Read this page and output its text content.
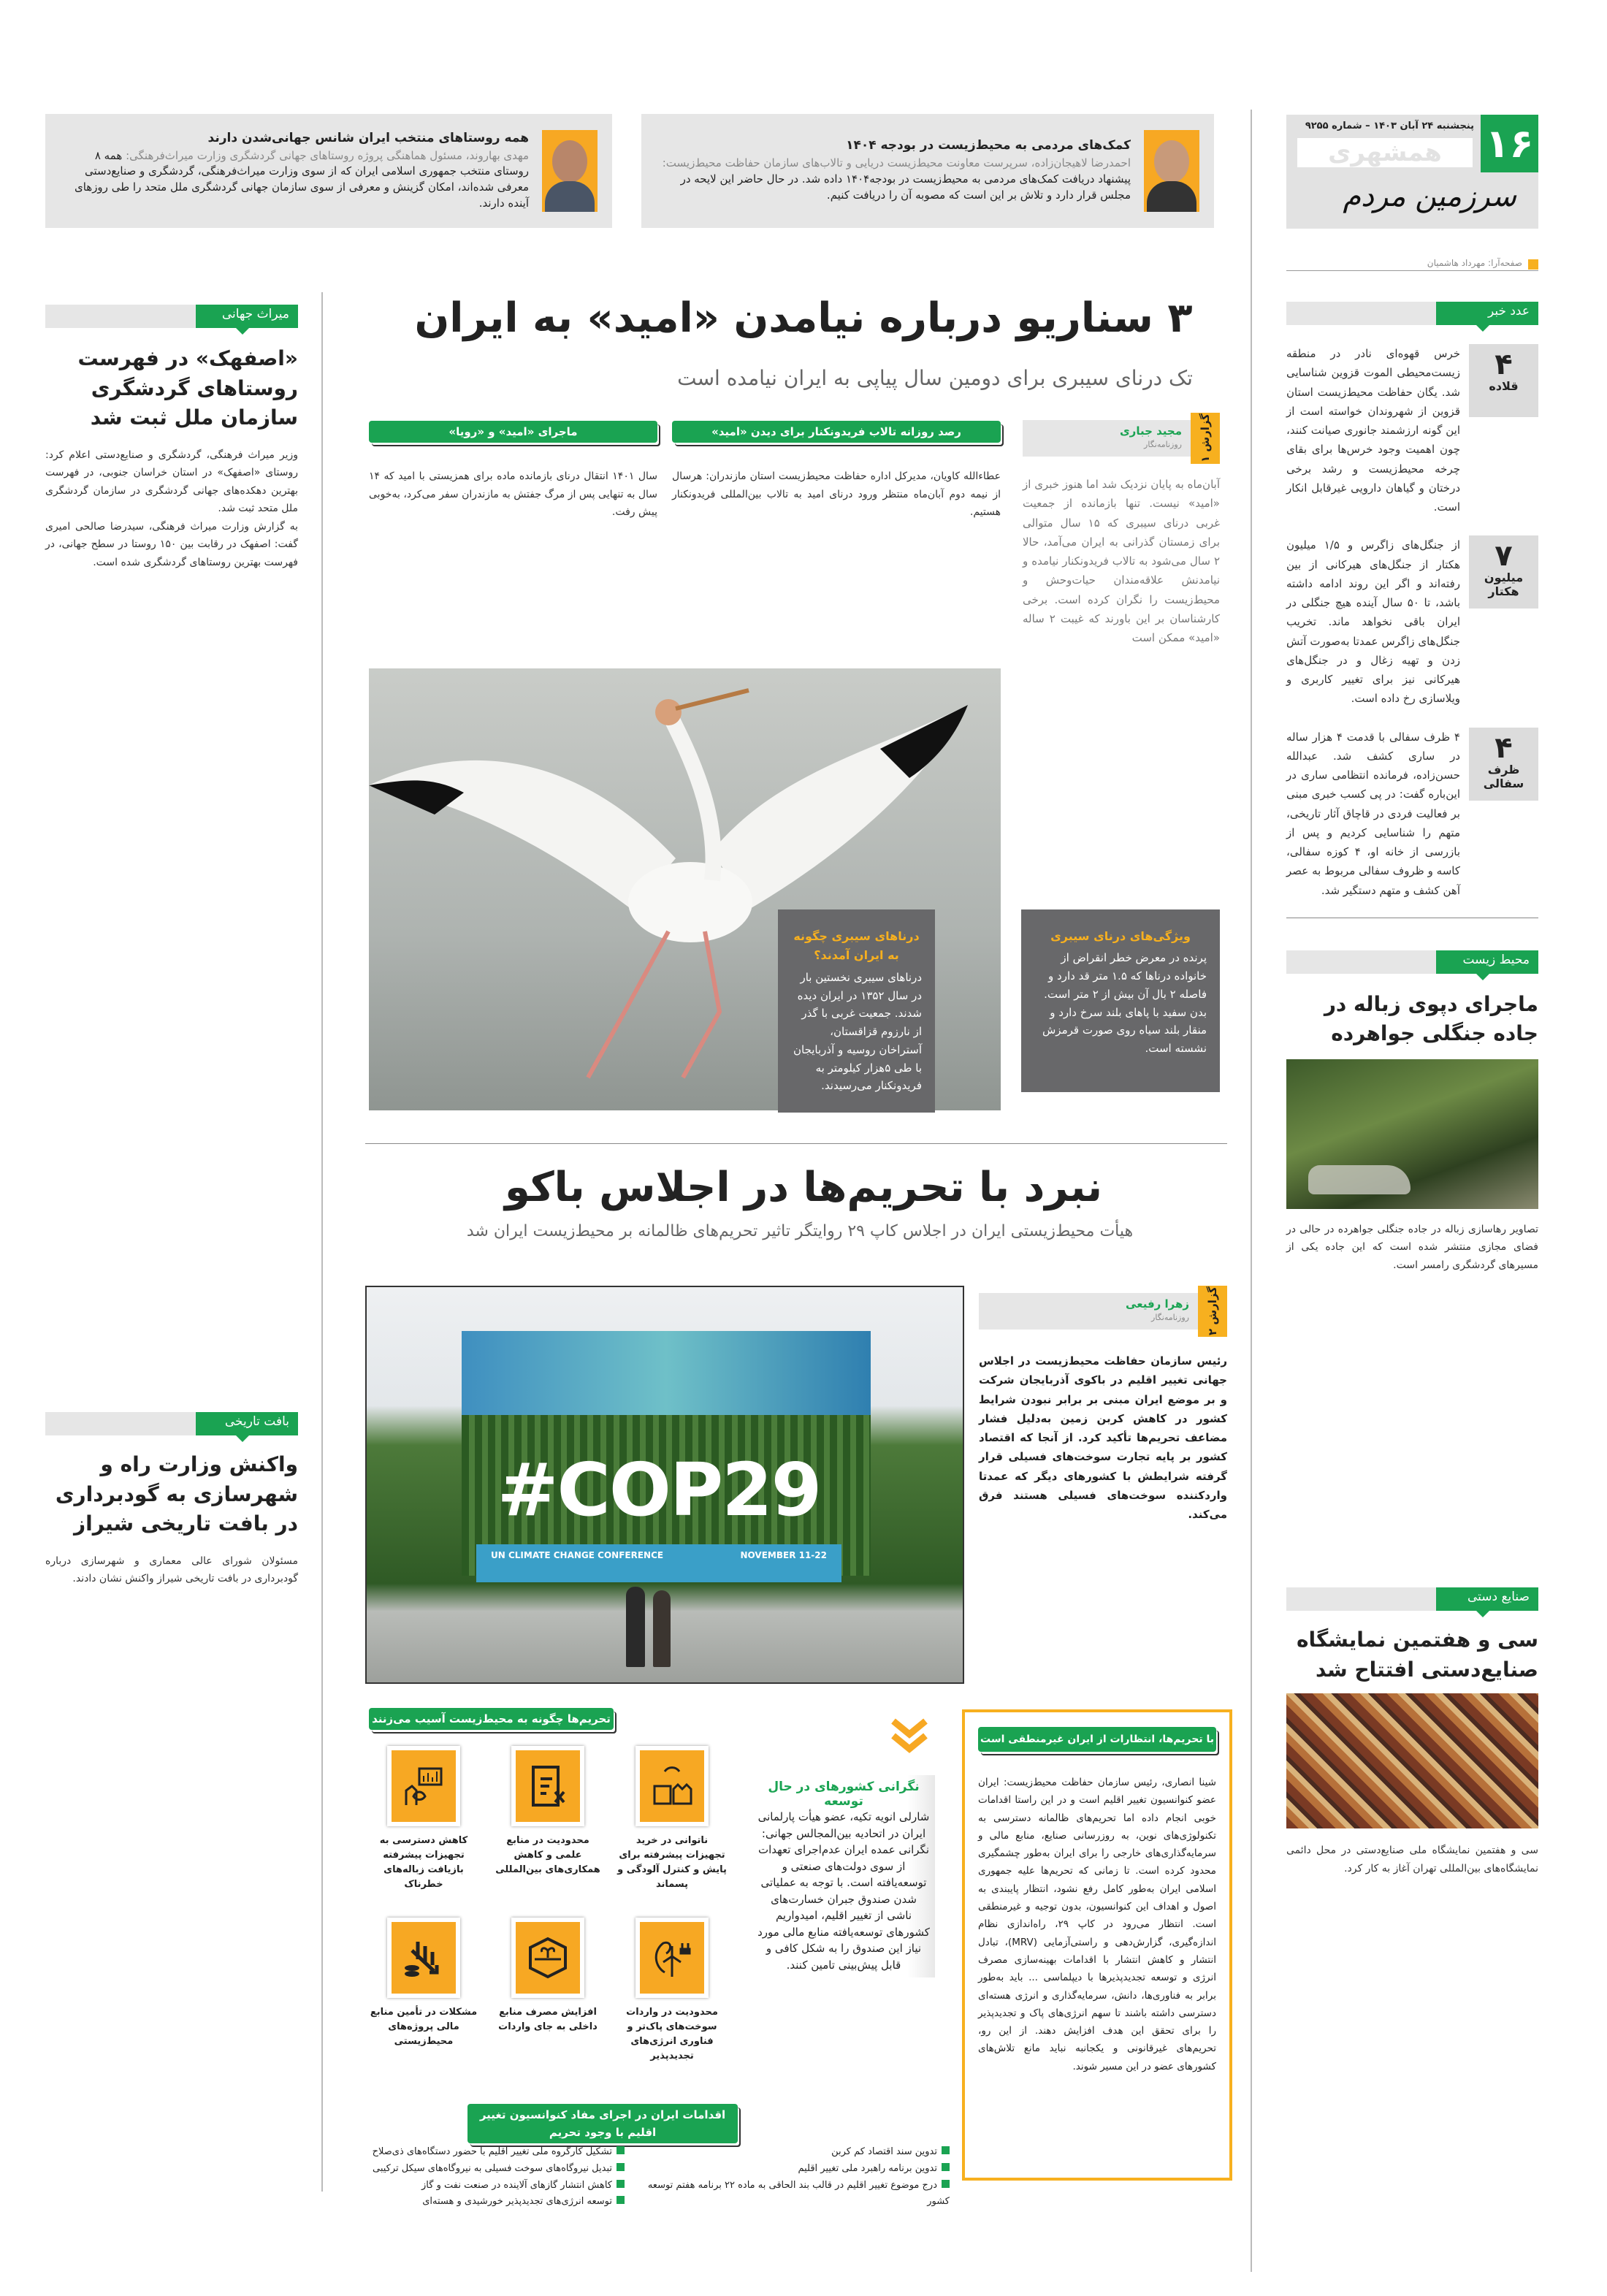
۱۶
پنجشنبه ۲۴ آبان ۱۴۰۳ – شماره ۹۲۵۵
همشهری
سرزمین مردم
صفحه‌آرا: مهرداد هاشمیان
کمک‌های مردمی به محیط‌زیست در بودجه ۱۴۰۴

احمدرضا لاهیجان‌زاده، سرپرست معاونت محیط‌زیست دریایی و تالاب‌های سازمان حفاظت محیط‌زیست: پیشنهاد دریافت کمک‌های مردمی به محیط‌زیست در بودجه۱۴۰۴ داده شد. در حال حاضر این لایحه در مجلس قرار دارد و تلاش بر این است که مصوبه آن را دریافت کنیم.

همه روستاهای منتخب ایران شانس جهانی‌شدن دارند

مهدی بهاروند، مسئول هماهنگی پروژه روستاهای جهانی گردشگری وزارت میراث‌فرهنگی: همه ۸ روستای منتخب جمهوری اسلامی ایران که از سوی وزارت میراث‌فرهنگی، گردشگری و صنایع‌دستی معرفی شده‌اند، امکان گزینش و معرفی از سوی سازمان جهانی گردشگری ملل متحد را طی روزهای آینده دارند.

عدد خبر
۴
قلاده
خرس قهوه‌ای نادر در منطقه زیست‌محیطی الموت قزوین شناسایی شد. یگان حفاظت محیط‌زیست استان قزوین از شهروندان خواسته است از این گونه ارزشمند جانوری صیانت کنند، چون اهمیت وجود خرس‌ها برای بقای چرخه محیط‌زیست و رشد برخی درختان و گیاهان دارویی غیرقابل انکار است.
۷
میلیون هکتار
از جنگل‌های زاگرس و ۱/۵ میلیون هکتار از جنگل‌های هیرکانی از بین رفته‌اند و اگر این روند ادامه داشته باشد، تا ۵۰ سال آینده هیچ جنگلی در ایران باقی نخواهد ماند. تخریب جنگل‌های زاگرس عمدتا به‌صورت آتش زدن و تهیه زغال و در جنگل‌های هیرکانی نیز برای تغییر کاربری و ویلاسازی رخ داده است.
۴
ظرف سفالی
۴ ظرف سفالی با قدمت ۴ هزار ساله در ساری کشف شد. عبدالله حسن‌زاده، فرمانده انتظامی ساری در این‌باره گفت: در پی کسب خبری مبنی بر فعالیت فردی در قاچاق آثار تاریخی، متهم را شناسایی کردیم و پس از بازرسی از خانه او، ۴ کوزه سفالی، کاسه و ظروف سفالی مربوط به عصر آهن کشف و متهم دستگیر شد.
محیط زیست
ماجرای دپوی زباله در جاده جنگلی جواهرده
تصاویر رهاسازی زباله در جاده جنگلی جواهرده در حالی در فضای مجازی منتشر شده است که این جاده یکی از مسیرهای گردشگری رامسر است.
صنایع دستی
سی و هفتمین نمایشگاه صنایع‌دستی افتتاح شد
سی و هفتمین نمایشگاه ملی صنایع‌دستی در محل دائمی نمایشگاه‌های بین‌المللی تهران آغاز به کار کرد.
میراث جهانی
«اصفهک» در فهرست روستاهای گردشگری سازمان ملل ثبت شد
وزیر میراث فرهنگی، گردشگری و صنایع‌دستی اعلام کرد: روستای «اصفهک» در استان خراسان جنوبی، در فهرست بهترین دهکده‌های جهانی گردشگری در سازمان گردشگری ملل متحد ثبت شد.
به گزارش وزارت میراث فرهنگی، سیدرضا صالحی امیری گفت: اصفهک در رقابت بین ۱۵۰ روستا در سطح جهانی، در فهرست بهترین روستاهای گردشگری شده است.
بافت تاریخی
واکنش وزارت راه و شهرسازی به گودبرداری در بافت تاریخی شیراز
مسئولان شورای عالی معماری و شهرسازی درباره گودبرداری در بافت تاریخی شیراز واکنش نشان دادند.
۳ سناریو درباره نیامدن «امید» به ایران
تک درنای سیبری برای دومین سال پیاپی به ایران نیامده است
گزارش ۱
مجید جباری
روزنامه‌نگار
آبان‌ماه به پایان نزدیک شد اما هنوز خبری از «امید» نیست. تنها بازمانده از جمعیت غربی درنای سیبری که ۱۵ سال متوالی برای زمستان گذرانی به ایران می‌آمد، حالا ۲ سال می‌شود به تالاب فریدونکنار نیامده و نیامدنش علاقه‌مندان حیات‌وحش و محیط‌زیست را نگران کرده است. برخی کارشناسان بر این باورند که غیبت ۲ ساله «امید» ممکن است
رصد روزانه تالاب فریدونکنار برای دیدن «امید»
عطاءالله کاویان، مدیرکل اداره حفاظت محیط‌زیست استان مازندران: هرسال از نیمه دوم آبان‌ماه منتظر ورود درنای امید به تالاب بین‌المللی فریدونکنار هستیم.
ماجرای «امید» و «رویا»
سال ۱۴۰۱ انتقال درنای بازمانده ماده برای همزیستی با امید که ۱۴ سال به تنهایی پس از مرگ جفتش به مازندران سفر می‌کرد، به‌خوبی پیش رفت.
درناهای سیبری چگونه به ایران آمدند؟

درناهای سیبری نخستین بار در سال ۱۳۵۲ در ایران دیده شدند. جمعیت غربی با گذر از نارزوم قزاقستان، آستراخان روسیه و آذربایجان با طی ۵هزار کیلومتر به فریدونکنار می‌رسیدند.

ویژگی‌های درنای سیبری

پرنده در معرض خطر انقراض از خانواده درناها که ۱.۵ متر قد دارد و فاصله ۲ بال آن بیش از ۲ متر است. بدن سفید با پاهای بلند سرخ دارد و منقار بلند سیاه روی صورت قرمزش نشسته است.

نبرد با تحریم‌ها در اجلاس باکو
هیأت محیط‌زیستی ایران در اجلاس کاپ ۲۹ روایتگر تاثیر تحریم‌های ظالمانه بر محیط‌زیست ایران شد
#COP29
UN CLIMATE CHANGE CONFERENCE	NOVEMBER 11-22
گزارش ۲
زهرا رفیعی
روزنامه‌نگار
رئیس سازمان حفاظت محیط‌زیست در اجلاس جهانی تغییر اقلیم در باکوی آذربایجان شرکت و بر موضع ایران مبنی بر برابر نبودن شرایط کشور در کاهش کربن زمین به‌دلیل فشار مضاعف تحریم‌ها تأکید کرد. از آنجا که اقتصاد کشور بر پایه تجارت سوخت‌های فسیلی قرار گرفته شرایطش با کشورهای دیگر که عمدتا واردکننده سوخت‌های فسیلی هستند فرق می‌کند.
تحریم‌ها چگونه به محیط‌زیست آسیب می‌زنند

ناتوانی در خرید تجهیزات پیشرفته برای پایش و کنترل آلودگی و پسماند

محدودیت در منابع علمی و کاهش همکاری‌های بین‌المللی

کاهش دسترسی به تجهیزات پیشرفته بازیافت زباله‌های خطرناک

محدودیت در واردات سوخت‌های پاک‌تر و فناوری انرژی‌های تجدیدپذیر

افزایش مصرف منابع داخلی به جای واردات

مشکلات در تأمین منابع مالی پروژه‌های محیط‌زیستی

نگرانی کشورهای در حال توسعه
شارلی انویه تکیه، عضو هیأت پارلمانی ایران در اتحادیه بین‌المجالس جهانی: نگرانی عمده ایران عدم‌اجرای تعهدات از سوی دولت‌های صنعتی و توسعه‌یافته است. با توجه به عملیاتی شدن صندوق جبران خسارت‌های ناشی از تغییر اقلیم، امیدواریم کشورهای توسعه‌یافته منابع مالی مورد نیاز این صندوق را به شکل کافی و قابل پیش‌بینی تامین کنند.
با تحریم‌ها، انتظارات از ایران غیرمنطقی است
شینا انصاری، رئیس سازمان حفاظت محیط‌زیست: ایران عضو کنوانسیون تغییر اقلیم است و در این راستا اقدامات خوبی انجام داده اما تحریم‌های ظالمانه دسترسی به تکنولوژی‌های نوین، به روزرسانی صنایع، منابع مالی و سرمایه‌گذاری‌های خارجی را برای ایران به‌طور چشمگیری محدود کرده است. تا زمانی که تحریم‌ها علیه جمهوری اسلامی ایران به‌طور کامل رفع نشود، انتظار پایبندی به اصول و اهداف این کنوانسیون، بدون توجیه و غیرمنطقی است. انتظار می‌رود در کاپ ۲۹، راه‌اندازی نظام اندازه‌گیری، گزارش‌دهی و راستی‌آزمایی (MRV)، تبادل انتشار و کاهش انتشار با اقدامات بهینه‌سازی مصرف انرژی و توسعه تجدیدپذیرها با دیپلماسی ... باید به‌طور برابر به فناوری‌ها، دانش، سرمایه‌گذاری و انرژی هسته‌ای دسترسی داشته باشند تا سهم انرژی‌های پاک و تجدیدپذیر را برای تحقق این هدف افزایش دهند. از این رو، تحریم‌های غیرقانونی و یکجانبه نباید مانع تلاش‌های کشورهای عضو در این مسیر شوند.
اقدامات ایران در اجرای مفاد کنوانسیون تغییر اقلیم با وجود تحریم
تدوین سند اقتصاد کم کربن
تدوین برنامه راهبرد ملی تغییر اقلیم
درج موضوع تغییر اقلیم در قالب بند الحاقی به ماده ۲۲ برنامه هفتم توسعه کشور
تشکیل کارگروه ملی تغییر اقلیم با حضور دستگاه‌های ذی‌صلاح
تبدیل نیروگاه‌های سوخت فسیلی به نیروگاه‌های سیکل ترکیبی
کاهش انتشار گازهای آلاینده در صنعت نفت و گاز
توسعه انرژی‌های تجدیدپذیر خورشیدی و هسته‌ای
